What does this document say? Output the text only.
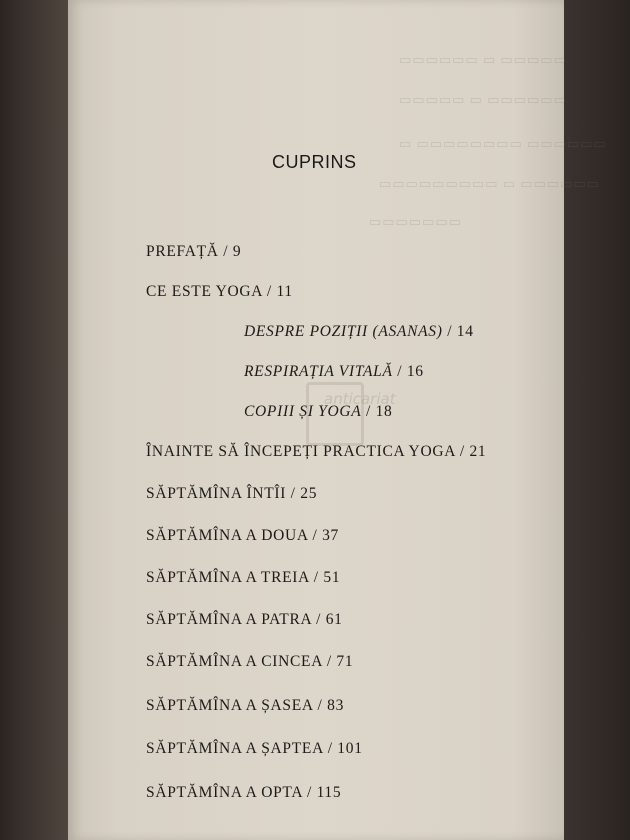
▭▭▭▭▭ ▭ ▭▭▭▭▭▭
▭▭▭▭▭▭ ▭ ▭▭▭▭▭
▭▭▭▭▭▭ ▭▭▭▭▭▭▭▭ ▭
▭▭▭▭▭▭ ▭ ▭▭▭▭▭▭▭▭▭
▭▭▭▭▭▭▭
anticariat
CUPRINS
PREFAȚĂ / 9
CE ESTE YOGA / 11
DESPRE POZIȚII (ASANAS) / 14
RESPIRAȚIA VITALĂ / 16
COPIII ȘI YOGA / 18
ÎNAINTE SĂ ÎNCEPEȚI PRACTICA YOGA / 21
SĂPTĂMÎNA ÎNTÎI / 25
SĂPTĂMÎNA A DOUA / 37
SĂPTĂMÎNA A TREIA / 51
SĂPTĂMÎNA A PATRA / 61
SĂPTĂMÎNA A CINCEA / 71
SĂPTĂMÎNA A ȘASEA / 83
SĂPTĂMÎNA A ȘAPTEA / 101
SĂPTĂMÎNA A OPTA / 115
